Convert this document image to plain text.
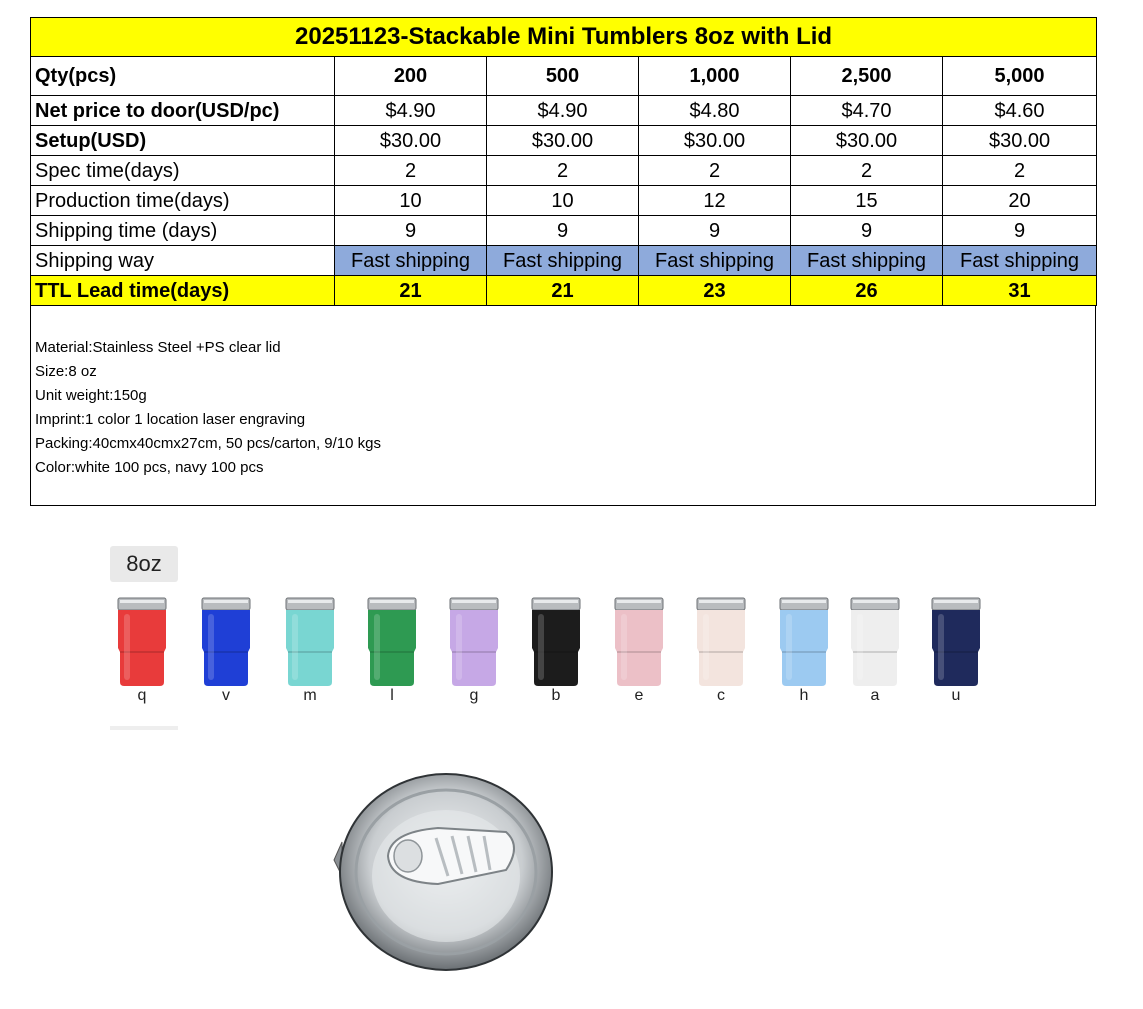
20251123-Stackable Mini Tumblers 8oz with Lid					
Qty(pcs)	200	500	1,000	2,500	5,000
Net price to door(USD/pc)	$4.90	$4.90	$4.80	$4.70	$4.60
Setup(USD)	$30.00	$30.00	$30.00	$30.00	$30.00
Spec time(days)	2	2	2	2	2
Production time(days)	10	10	12	15	20
Shipping time (days)	9	9	9	9	9
Shipping way	Fast shipping	Fast shipping	Fast shipping	Fast shipping	Fast shipping
TTL Lead time(days)	21	21	23	26	31
Material:Stainless Steel +PS clear lid
Size:8 oz
Unit weight:150g
Imprint:1 color 1 location laser engraving
Packing:40cmx40cmx27cm, 50 pcs/carton, 9/10 kgs
Color:white 100 pcs, navy 100 pcs
8oz
q	v	m	l	g	b	e	c	h	a	u
